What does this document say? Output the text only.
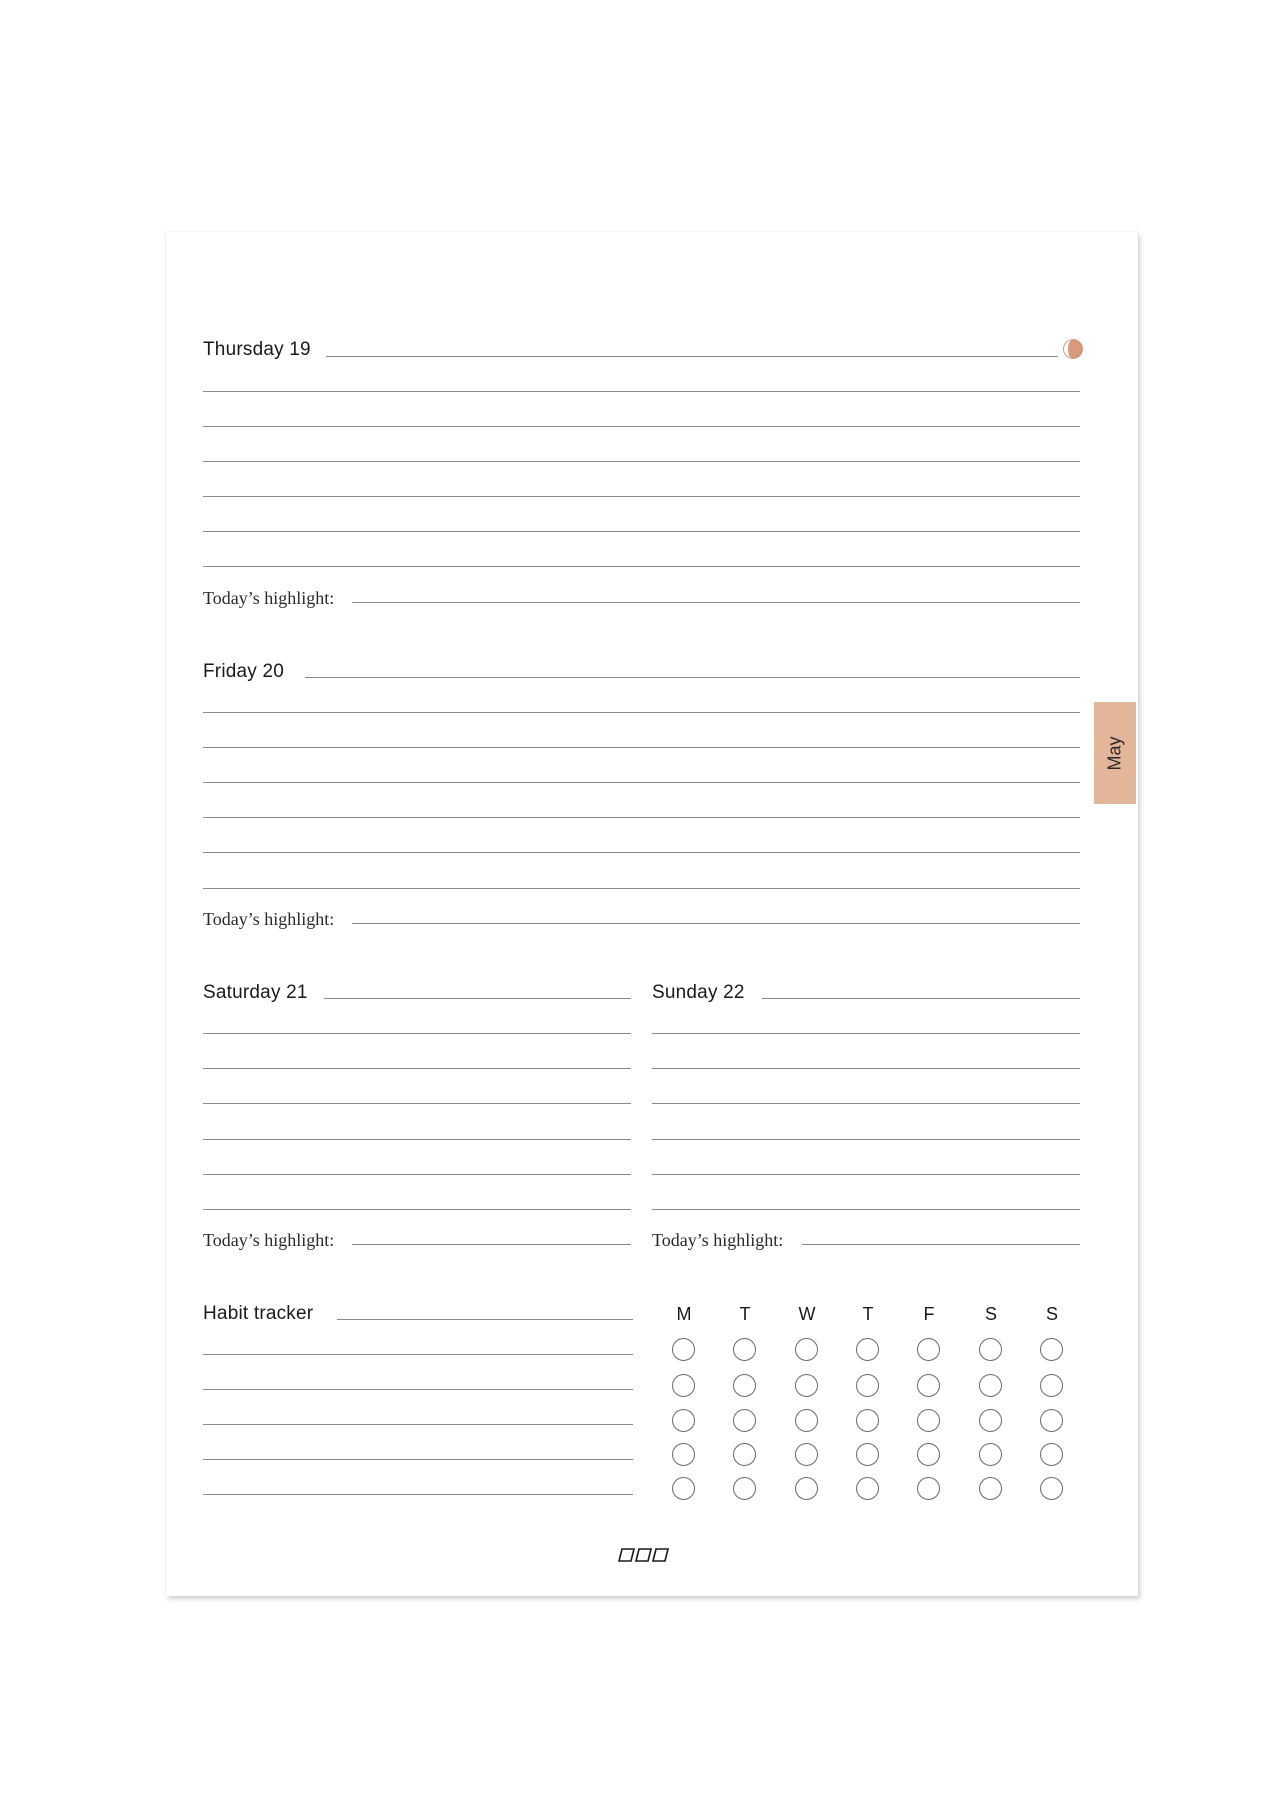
May
Thursday 19
Today’s highlight:
Friday 20
Today’s highlight:
Saturday 21
Today’s highlight:
Sunday 22
Today’s highlight:
Habit tracker	M	T	W	T	F	S	S
